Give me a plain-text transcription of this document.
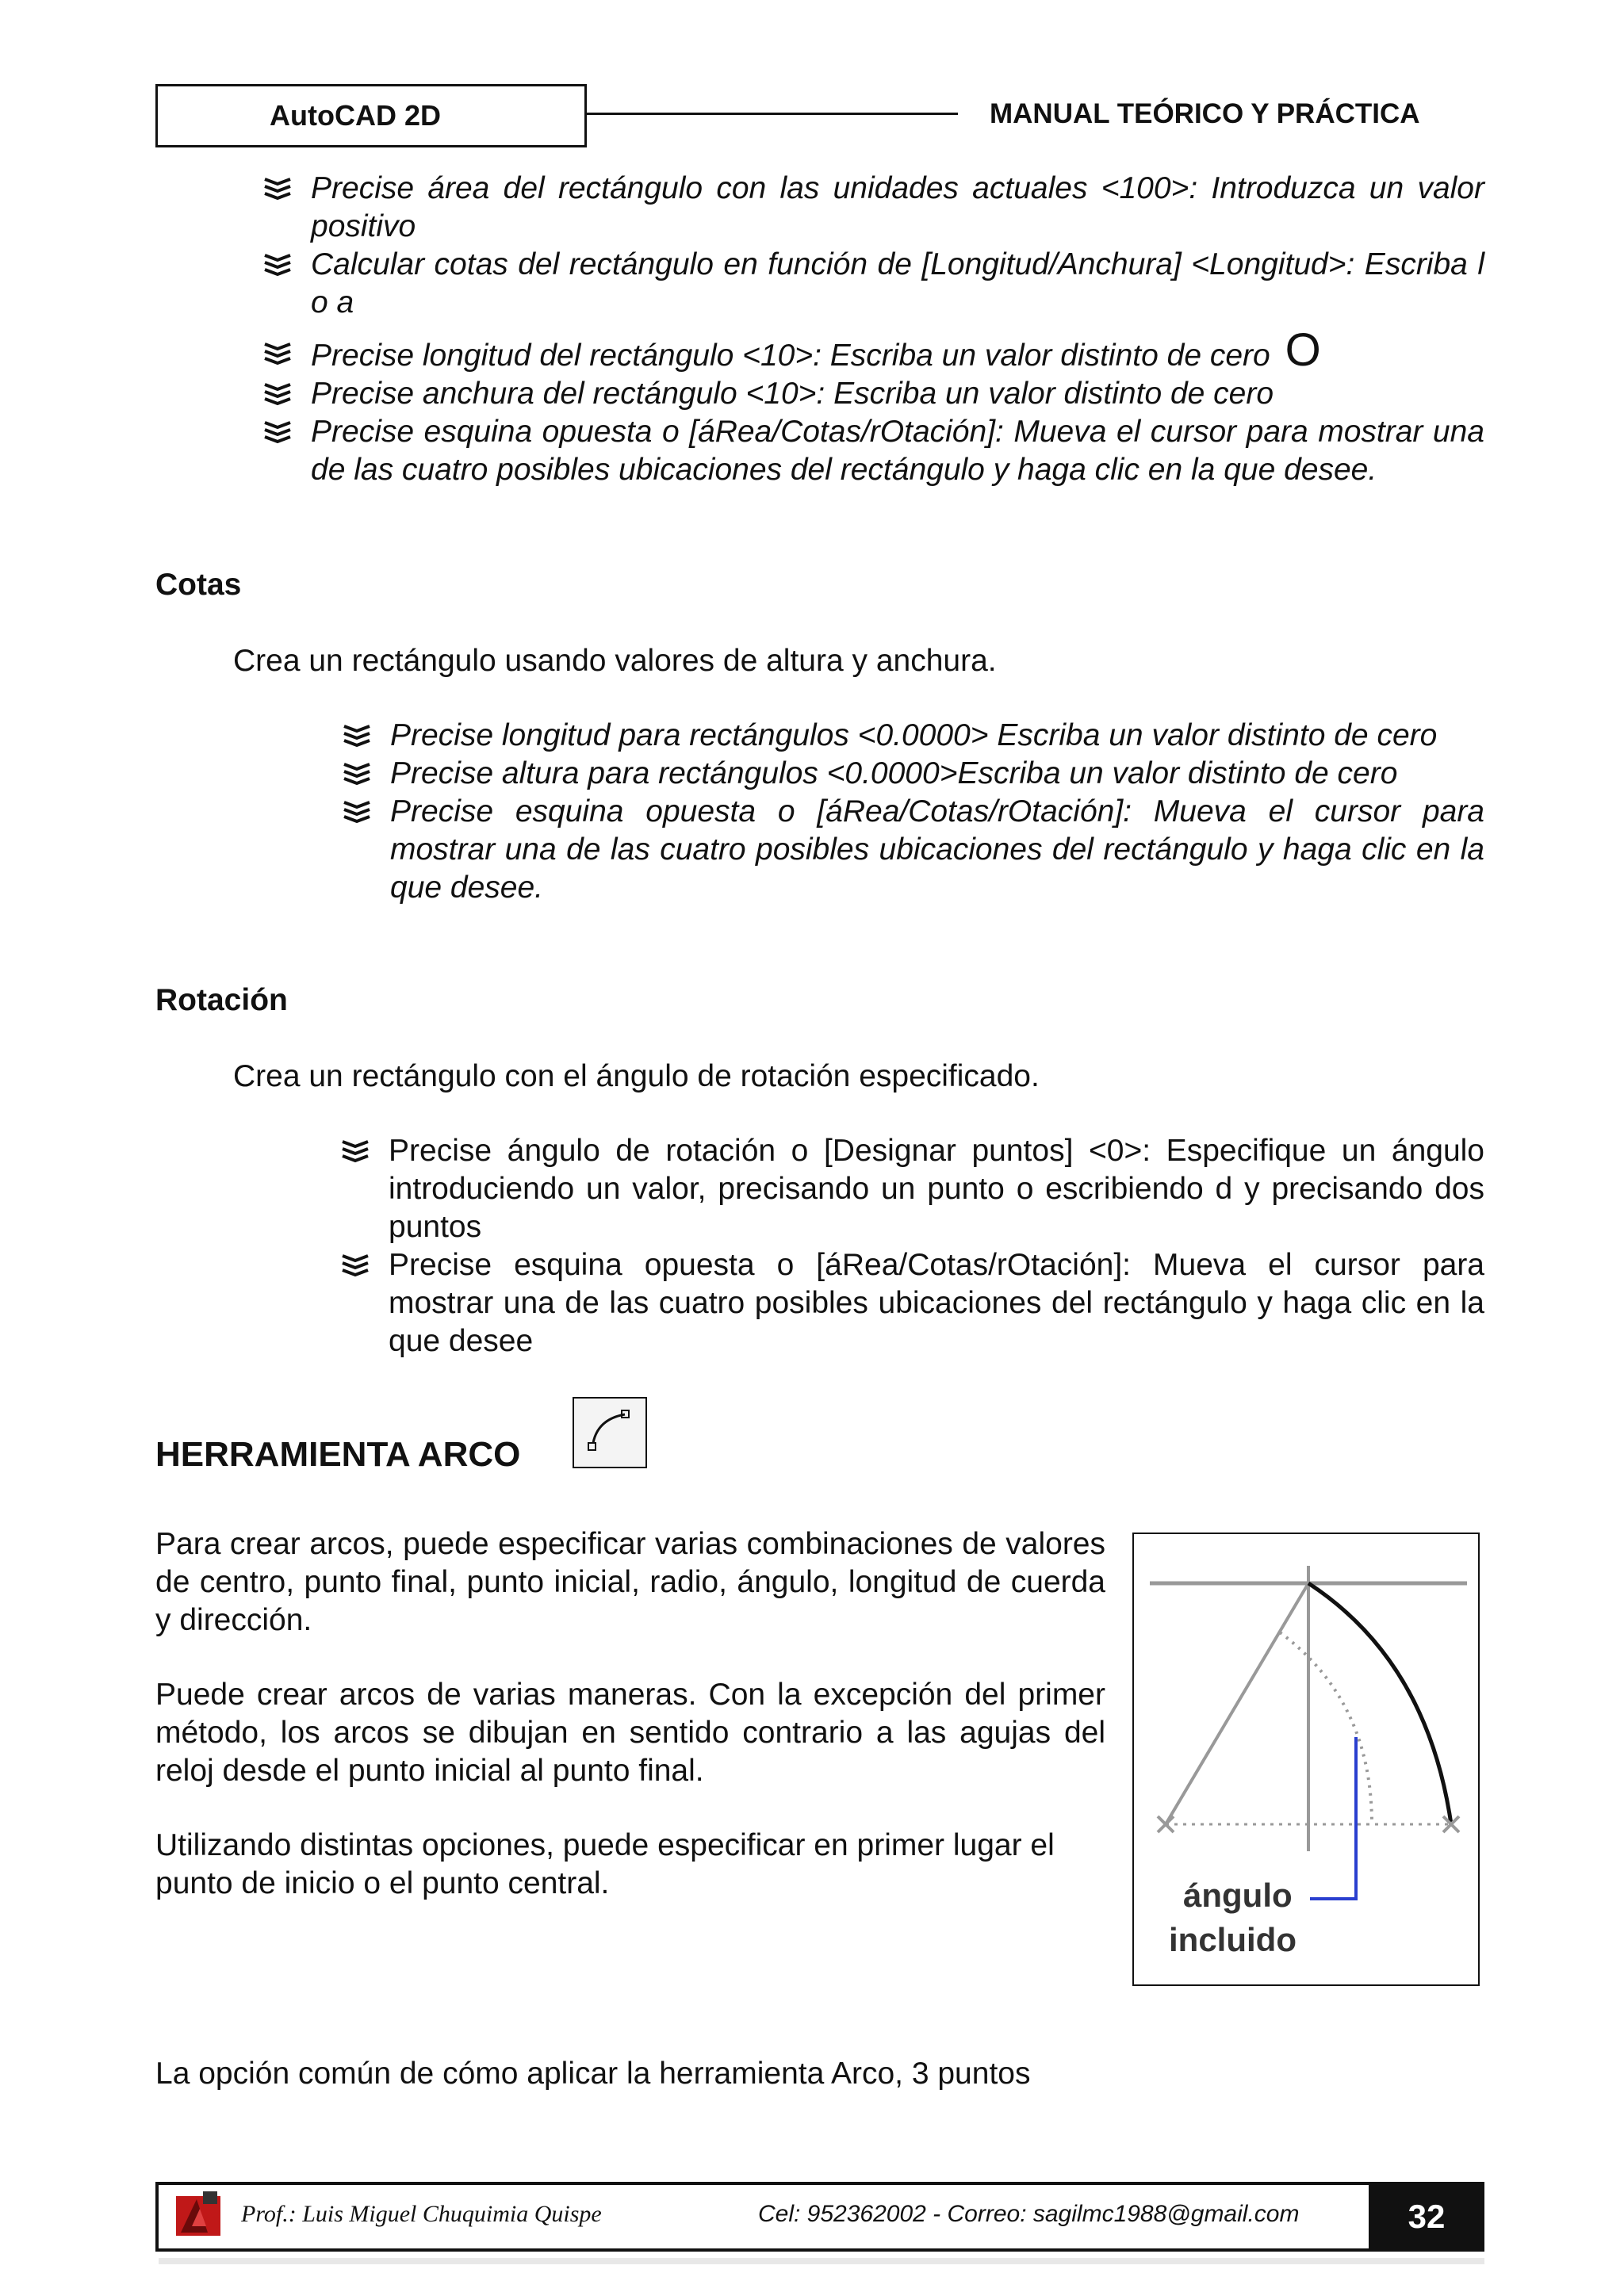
AutoCAD 2D	MANUAL TEÓRICO Y PRÁCTICA
Precise área del rectángulo con las unidades actuales <100>: Introduzca un valor positivo
Calcular cotas del rectángulo en función de [Longitud/Anchura] <Longitud>: Escriba l o a
Precise longitud del rectángulo <10>: Escriba un valor distinto de cero O
Precise anchura del rectángulo <10>: Escriba un valor distinto de cero
Precise esquina opuesta o [áRea/Cotas/rOtación]: Mueva el cursor para mostrar una de las cuatro posibles ubicaciones del rectángulo y haga clic en la que desee.
Cotas
Crea un rectángulo usando valores de altura y anchura.
Precise longitud para rectángulos <0.0000> Escriba un valor distinto de cero
Precise altura para rectángulos <0.0000>Escriba un valor distinto de cero
Precise esquina opuesta o [áRea/Cotas/rOtación]: Mueva el cursor para mostrar una de las cuatro posibles ubicaciones del rectángulo y haga clic en la que desee.
Rotación
Crea un rectángulo con el ángulo de rotación especificado.
Precise ángulo de rotación o [Designar puntos] <0>: Especifique un ángulo introduciendo un valor, precisando un punto o escribiendo d y precisando dos puntos
Precise esquina opuesta o [áRea/Cotas/rOtación]: Mueva el cursor para mostrar una de las cuatro posibles ubicaciones del rectángulo y haga clic en la que desee
HERRAMIENTA ARCO
Para crear arcos, puede especificar varias combinaciones de valores de centro, punto final, punto inicial, radio, ángulo, longitud de cuerda y dirección.
Puede crear arcos de varias maneras. Con la excepción del primer método, los arcos se dibujan en sentido contrario a las agujas del reloj desde el punto inicial al punto final.
Utilizando distintas opciones, puede especificar en primer lugar el punto de inicio o el punto central.	ángulo
incluido
La opción común de cómo aplicar la herramienta Arco, 3 puntos
Prof.: Luis Miguel Chuquimia Quispe	Cel: 952362002 - Correo: sagilmc1988@gmail.com	32
